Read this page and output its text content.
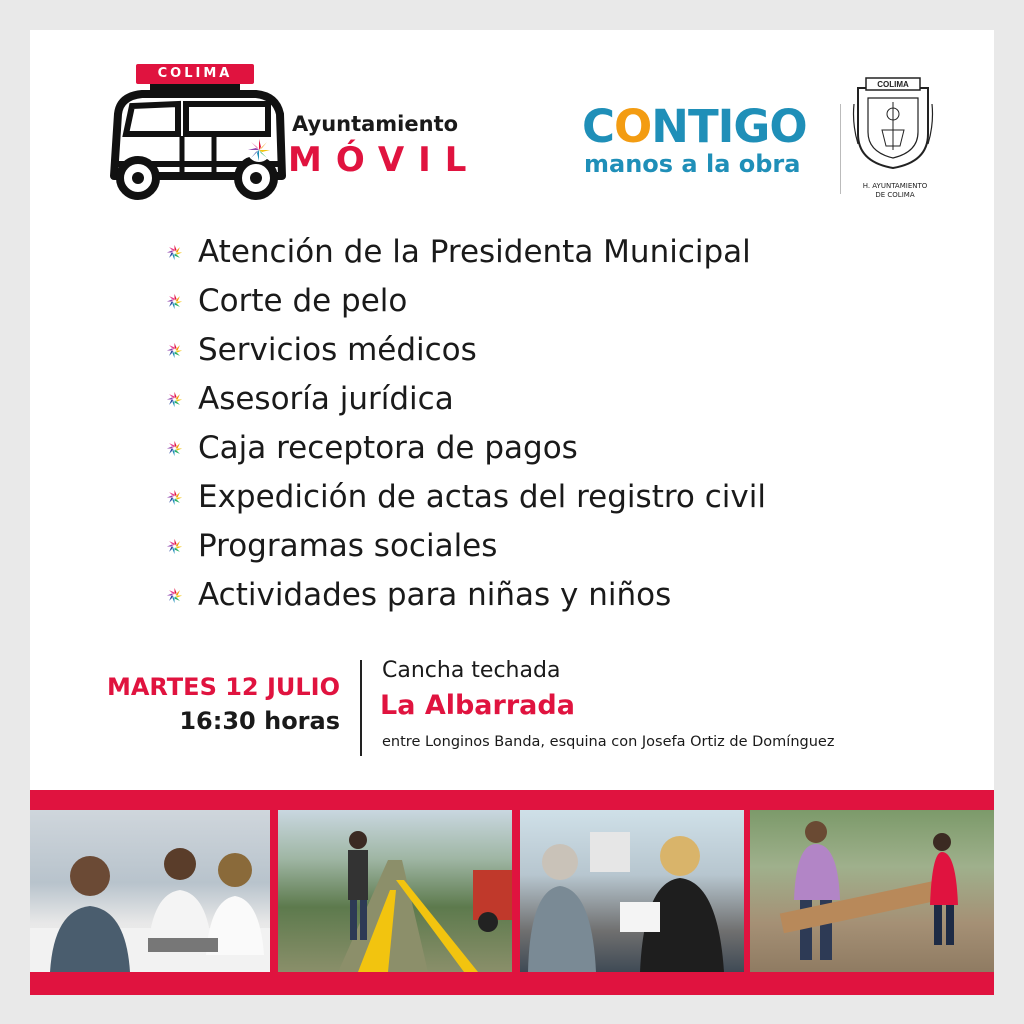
COLIMA
Ayuntamiento
MÓVIL
CONTIGO
manos a la obra
COLIMA
H. AYUNTAMIENTO
DE COLIMA
Atención de la Presidenta Municipal
Corte de pelo
Servicios médicos
Asesoría jurídica
Caja receptora de pagos
Expedición de actas del registro civil
Programas sociales
Actividades para niñas y niños
MARTES 12 JULIO
16:30 horas
Cancha techada
La Albarrada
entre Longinos Banda, esquina con Josefa Ortiz de Domínguez
